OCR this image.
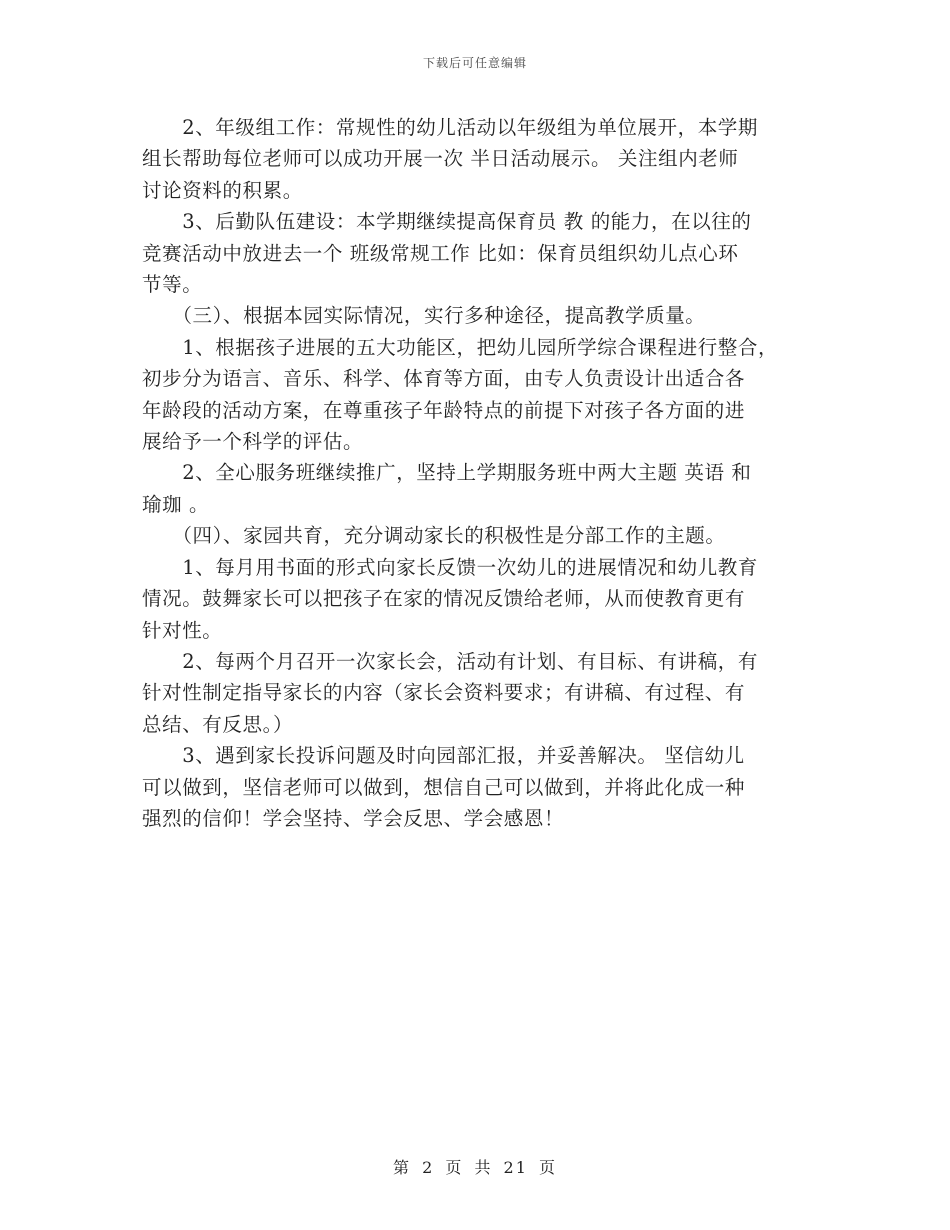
下载后可任意编辑
　　2、年级组工作：常规性的幼儿活动以年级组为单位展开，本学期
组长帮助每位老师可以成功开展一次 半日活动展示。 关注组内老师
讨论资料的积累。
　　3、后勤队伍建设：本学期继续提高保育员 教 的能力，在以往的
竞赛活动中放进去一个 班级常规工作 比如：保育员组织幼儿点心环
节等。
　　（三）、根据本园实际情况，实行多种途径，提高教学质量。
　　1、根据孩子进展的五大功能区，把幼儿园所学综合课程进行整合，
初步分为语言、音乐、科学、体育等方面，由专人负责设计出适合各
年龄段的活动方案，在尊重孩子年龄特点的前提下对孩子各方面的进
展给予一个科学的评估。
　　2、全心服务班继续推广，坚持上学期服务班中两大主题 英语 和
瑜珈 。
　　（四）、家园共育，充分调动家长的积极性是分部工作的主题。
　　1、每月用书面的形式向家长反馈一次幼儿的进展情况和幼儿教育
情况。鼓舞家长可以把孩子在家的情况反馈给老师，从而使教育更有
针对性。
　　2、每两个月召开一次家长会，活动有计划、有目标、有讲稿，有
针对性制定指导家长的内容（家长会资料要求；有讲稿、有过程、有
总结、有反思。）
　　3、遇到家长投诉问题及时向园部汇报，并妥善解决。 坚信幼儿
可以做到，坚信老师可以做到，想信自己可以做到，并将此化成一种
强烈的信仰！学会坚持、学会反思、学会感恩！
第 2 页 共 21 页
